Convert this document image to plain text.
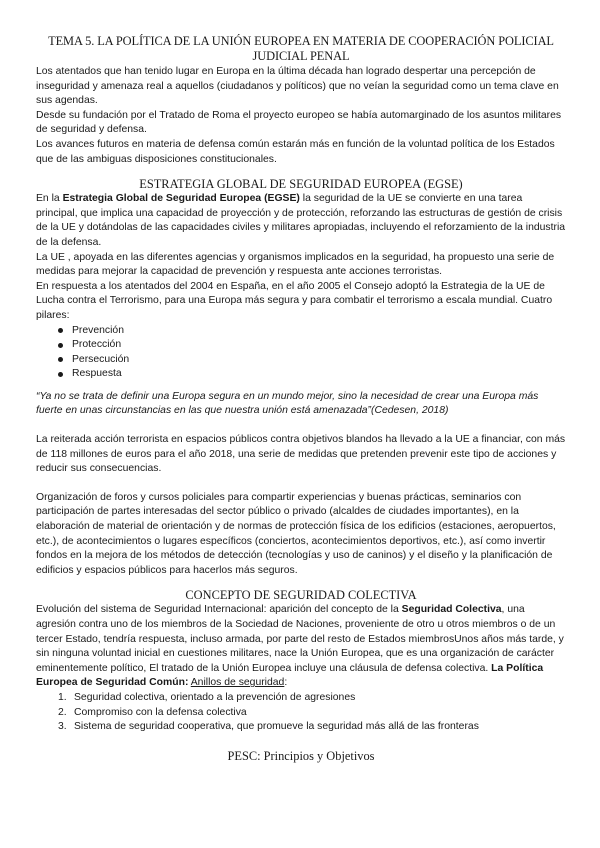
TEMA 5. LA POLÍTICA DE LA UNIÓN EUROPEA EN MATERIA DE COOPERACIÓN POLICIAL
JUDICIAL PENAL

Los atentados que han tenido lugar en Europa en la última década han logrado despertar una percepción de inseguridad y amenaza real a aquellos (ciudadanos y políticos) que no veían la seguridad como un tema clave en sus agendas.

Desde su fundación por el Tratado de Roma el proyecto europeo se había automarginado de los asuntos militares de seguridad y defensa.

Los avances futuros en materia de defensa común estarán más en función de la voluntad política de los Estados que de las ambiguas disposiciones constitucionales.

ESTRATEGIA GLOBAL DE SEGURIDAD EUROPEA (EGSE)

En la Estrategia Global de Seguridad Europea (EGSE) la seguridad de la UE se convierte en una tarea principal, que implica una capacidad de proyección y de protección, reforzando las estructuras de gestión de crisis de la UE y dotándolas de las capacidades civiles y militares apropiadas, incluyendo el reforzamiento de la industria de la defensa.

La UE , apoyada en las diferentes agencias y organismos implicados en la seguridad, ha propuesto una serie de medidas para mejorar la capacidad de prevención y respuesta ante acciones terroristas.

En respuesta a los atentados del 2004 en España, en el año 2005 el Consejo adoptó la Estrategia de la UE de Lucha contra el Terrorismo, para una Europa más segura y para combatir el terrorismo a escala mundial. Cuatro pilares:

Prevención
Protección
Persecución
Respuesta

“Ya no se trata de definir una Europa segura en un mundo mejor, sino la necesidad de crear una Europa más fuerte en unas circunstancias en las que nuestra unión está amenazada”(Cedesen, 2018)

La reiterada acción terrorista en espacios públicos contra objetivos blandos ha llevado a la UE a financiar, con más de 118 millones de euros para el año 2018, una serie de medidas que pretenden prevenir este tipo de acciones y reducir sus consecuencias.

Organización de foros y cursos policiales para compartir experiencias y buenas prácticas, seminarios con participación de partes interesadas del sector público o privado (alcaldes de ciudades importantes), en la elaboración de material de orientación y de normas de protección física de los edificios (estaciones, aeropuertos, etc.), de acontecimientos o lugares específicos (conciertos, acontecimientos deportivos, etc.), así como invertir fondos en la mejora de los métodos de detección (tecnologías y uso de caninos) y el diseño y la planificación de edificios y espacios públicos para hacerlos más seguros.

CONCEPTO DE SEGURIDAD COLECTIVA

Evolución del sistema de Seguridad Internacional: aparición del concepto de la Seguridad Colectiva, una agresión contra uno de los miembros de la Sociedad de Naciones, proveniente de otro u otros miembros o de un tercer Estado, tendría respuesta, incluso armada, por parte del resto de Estados miembrosUnos años más tarde, y sin ninguna voluntad inicial en cuestiones militares, nace la Unión Europea, que es una organización de carácter eminentemente político, El tratado de la Unión Europea incluye una cláusula de defensa colectiva. La Política Europea de Seguridad Común: Anillos de seguridad:

1. Seguridad colectiva, orientado a la prevención de agresiones
2. Compromiso con la defensa colectiva
3. Sistema de seguridad cooperativa, que promueve la seguridad más allá de las fronteras
PESC: Principios y Objetivos
